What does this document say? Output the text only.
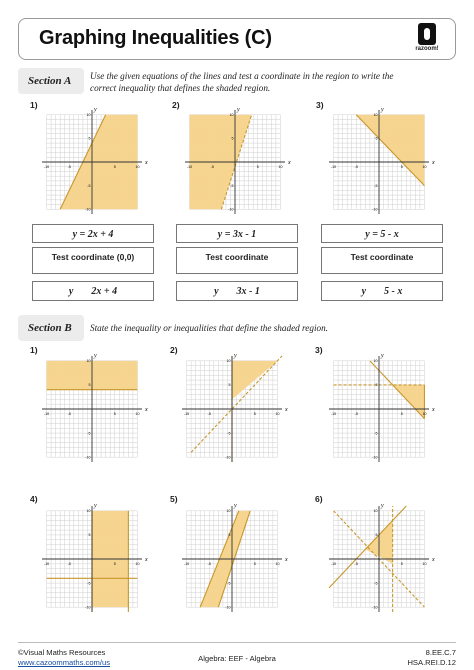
Graphing Inequalities (C)	razoom!
Section A	Use the given equations of the lines and test a coordinate in the region to write the
correct inequality that defines the shaded region.
1)	2)	3)
x
y
-10
-10
-5
-5
5
5
10
10
x
y
-10
-10
-5
-5
5
5
10
10
x
y
-10
-10
-5
-5
5
5
10
10
y = 2x + 4
Test coordinate (0,0)
y 2x + 4
y = 3x - 1
Test coordinate
y 3x - 1
y = 5 - x
Test coordinate
y 5 - x
Section B	State the inequality or inequalities that define the shaded region.
1)	2)	3)
4)	5)	6)
x
y
-10
-10
-5
-5
5
5
10
10
x
y
-10
-10
-5
-5
5
5
10
10
x
y
-10
-10
-5
-5
5
5
10
10
x
y
-10
-10
-5
-5
5
5
10
10
x
y
-10
-10
-5
-5
5
5
10
10
x
y
-10
-10
-5
-5
5
5
10
10
©Visual Maths Resources
www.cazoommaths.com/us	Algebra: EEF - Algebra
8.EE.C.7
HSA.REI.D.12
